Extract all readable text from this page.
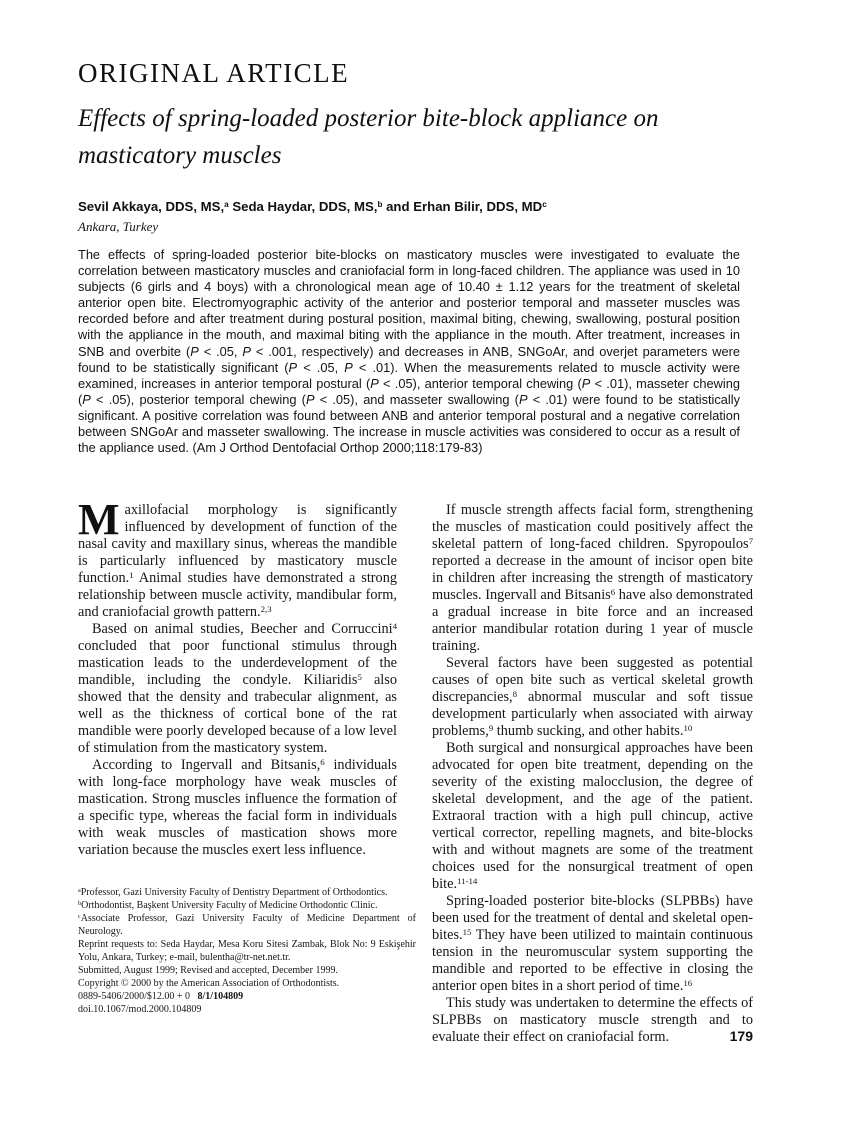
ORIGINAL ARTICLE
Effects of spring-loaded posterior bite-block appliance on
masticatory muscles
Sevil Akkaya, DDS, MS,$^a$ Seda Haydar, DDS, MS,$^b$ and Erhan Bilir, DDS, $MD^c$
Ankara, Turkey
The effects of spring-loaded posterior bite-blocks on masticatory muscles were investigated to evaluate the correlation between masticatory muscles and craniofacial form in long-faced children. The appliance was used in 10 subjects (6 girls and 4 boys) with a chronological mean age of 10.40 ± 1.12 years for the treatment of skeletal anterior open bite. Electromyographic activity of the anterior and posterior temporal and masseter muscles was recorded before and after treatment during postural position, maximal biting, chewing, swallowing, postural position with the appliance in the mouth, and maximal biting with the appliance in the mouth. After treatment, increases in SNB and overbite (P < .05, P < .001, respectively) and decreases in ANB, SNGoAr, and overjet parameters were found to be statistically significant (P < .05, P < .01). When the measurements related to muscle activity were examined, increases in anterior temporal postural (P < .05), anterior temporal chewing (P < .01), masseter chewing (P < .05), posterior temporal chewing (P < .05), and masseter swallowing (P < .01) were found to be statistically significant. A positive correlation was found between ANB and anterior temporal postural and a negative correlation between SNGoAr and masseter swallowing. The increase in muscle activities was considered to occur as a result of the appliance used. (Am J Orthod Dentofacial Orthop 2000;118:179-83)

Maxillofacial morphology is significantly influenced by development of function of the nasal cavity and maxillary sinus, whereas the mandible is particularly influenced by masticatory muscle function.$^1$ Animal studies have demonstrated a strong relationship between muscle activity, mandibular form, and craniofacial growth pattern.$^{2,3}$

Based on animal studies, Beecher and Corruccini$^4$ concluded that poor functional stimulus through mastication leads to the underdevelopment of the mandible, including the condyle. Kiliaridis$^5$ also showed that the density and trabecular alignment, as well as the thickness of cortical bone of the rat mandible were poorly developed because of a low level of stimulation from the masticatory system.

According to Ingervall and Bitsanis,$^6$ individuals with long-face morphology have weak muscles of mastication. Strong muscles influence the formation of a specific type, whereas the facial form in individuals with weak muscles of mastication shows more variation because the muscles exert less influence.

If muscle strength affects facial form, strengthening the muscles of mastication could positively affect the skeletal pattern of long-faced children. Spyropoulos$^7$ reported a decrease in the amount of incisor open bite in children after increasing the strength of masticatory muscles. Ingervall and Bitsanis$^6$ have also demonstrated a gradual increase in bite force and an increased anterior mandibular rotation during 1 year of muscle training.

Several factors have been suggested as potential causes of open bite such as vertical skeletal growth discrepancies,$^8$ abnormal muscular and soft tissue development particularly when associated with airway problems,$^9$ thumb sucking, and other habits.$^{10}$

Both surgical and nonsurgical approaches have been advocated for open bite treatment, depending on the severity of the existing malocclusion, the degree of skeletal development, and the age of the patient. Extraoral traction with a high pull chincup, active vertical corrector, repelling magnets, and bite-blocks with and without magnets are some of the treatment choices used for the nonsurgical treatment of open bite.$^{11-14}$

Spring-loaded posterior bite-blocks (SLPBBs) have been used for the treatment of dental and skeletal open-bites.$^{15}$ They have been utilized to maintain continuous tension in the neuromuscular system supporting the mandible and reported to be effective in closing the anterior open bites in a short period of time.$^{16}$

This study was undertaken to determine the effects of SLPBBs on masticatory muscle strength and to evaluate their effect on craniofacial form.

$^a$Professor, Gazi University Faculty of Dentistry Department of Orthodontics.

$^b$Orthodontist, Başkent University Faculty of Medicine Orthodontic Clinic.

$^c$Associate Professor, Gazi University Faculty of Medicine Department of Neurology.

Reprint requests to: Seda Haydar, Mesa Koru Sitesi Zambak, Blok No: 9 Eskişehir Yolu, Ankara, Turkey; e-mail, bulentha@tr-net.net.tr.

Submitted, August 1999; Revised and accepted, December 1999.

Copyright © 2000 by the American Association of Orthodontists.

0889-5406/2000/$12.00 + 0   8/1/104809

doi.10.1067/mod.2000.104809

179
